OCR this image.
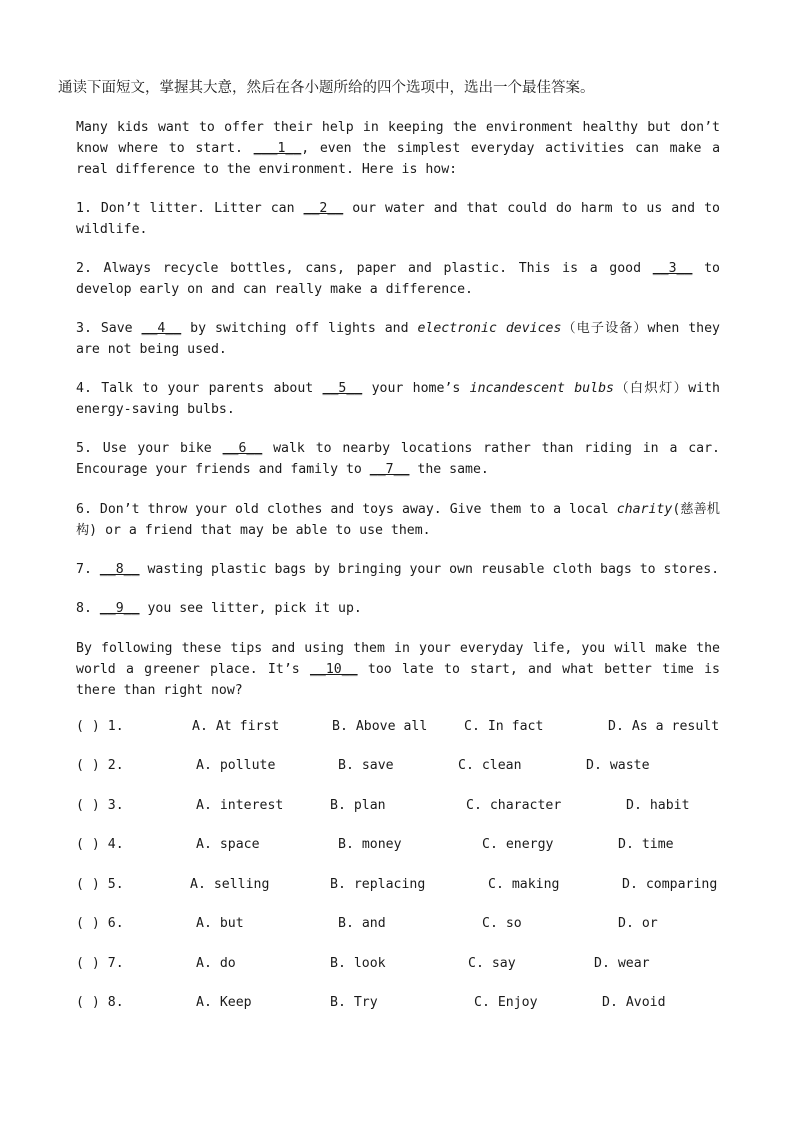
通读下面短文，掌握其大意，然后在各小题所给的四个选项中，选出一个最佳答案。
Many kids want to offer their help in keeping the environment healthy but don’t know where to start. ___1__, even the simplest everyday activities can make a real difference to the environment. Here is how:
1. Don’t litter. Litter can __2__ our water and that could do harm to us and to wildlife.
2. Always recycle bottles, cans, paper and plastic. This is a good __3__ to develop early on and can really make a difference.
3. Save __4__ by switching off lights and electronic devices（电子设备）when they are not being used.
4. Talk to your parents about __5__ your home’s incandescent bulbs（白炽灯）with energy-saving bulbs.
5. Use your bike __6__ walk to nearby locations rather than riding in a car. Encourage your friends and family to __7__ the same.
6. Don’t throw your old clothes and toys away. Give them to a local charity(慈善机构) or a friend that may be able to use them.
7. __8__ wasting plastic bags by bringing your own reusable cloth bags to stores.
8. __9__ you see litter, pick it up.
By following these tips and using them in your everyday life, you will make the world a greener place. It’s __10__ too late to start, and what better time is there than right now?
( ) 1.	A. At first	B. Above all	C. In fact	D. As a result
( ) 2.	A. pollute	B. save	C. clean	D. waste
( ) 3.	A. interest	B. plan	C. character	D. habit
( ) 4.	A. space	B. money	C. energy	D. time
( ) 5.	A. selling	B. replacing	C. making	D. comparing
( ) 6.	A. but	B. and	C. so	D. or
( ) 7.	A. do	B. look	C. say	D. wear
( ) 8.	A. Keep	B. Try	C. Enjoy	D. Avoid
